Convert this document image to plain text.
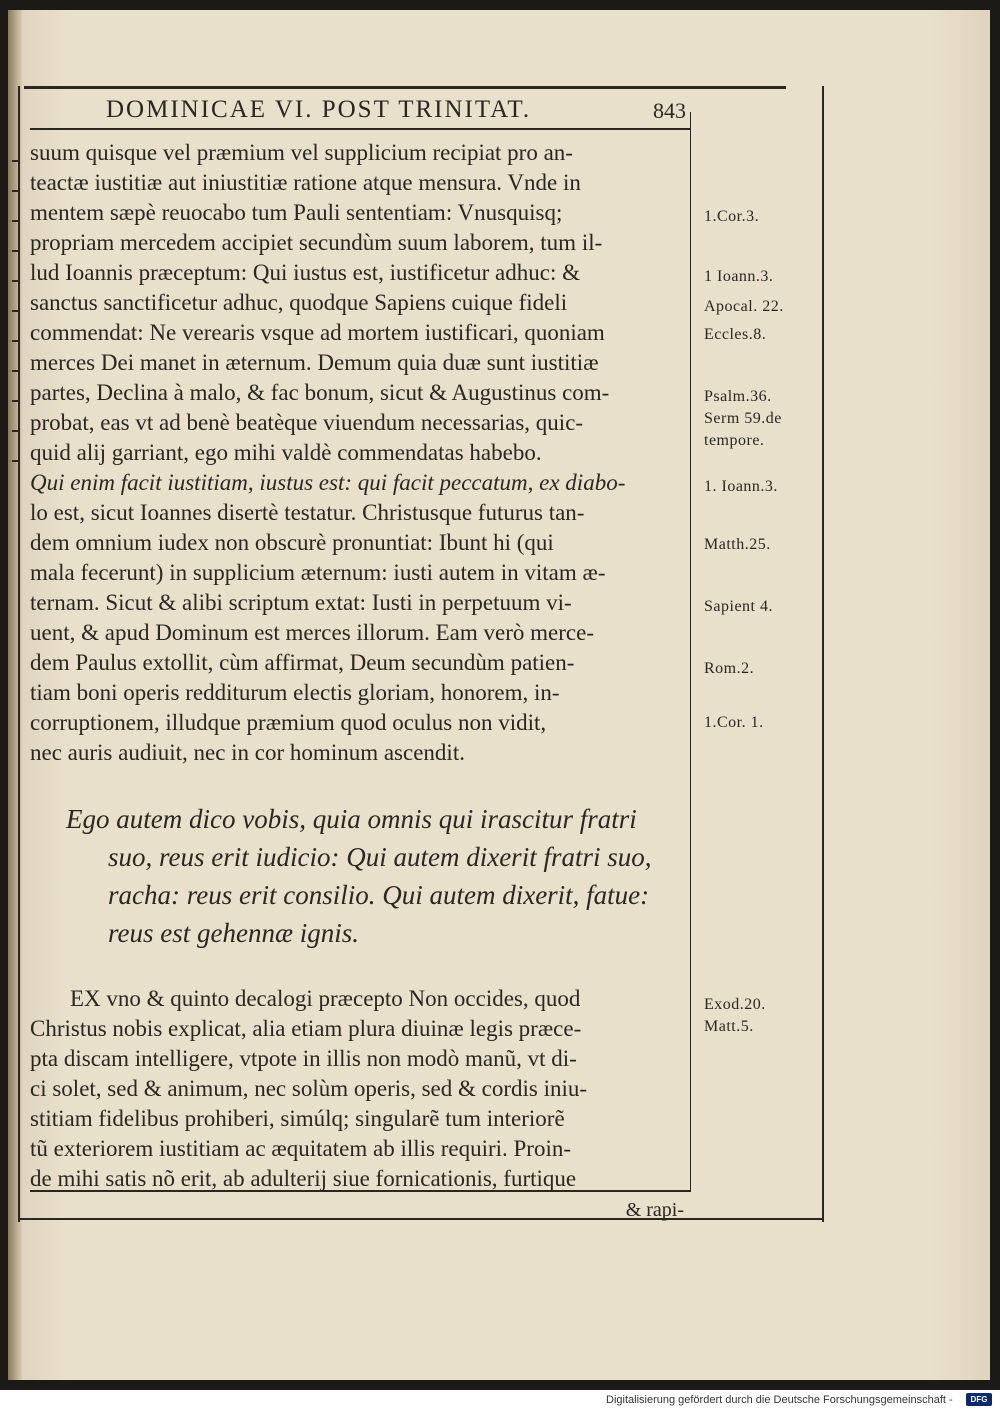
DOMINICAE VI. POST TRINITAT.	843
suum quisque vel præmium vel supplicium recipiat pro an-
teactæ iustitiæ aut iniustitiæ ratione atque mensura. Vnde in
mentem sæpè reuocabo tum Pauli sententiam: Vnusquisq;
propriam mercedem accipiet secundùm suum laborem, tum il-
lud Ioannis præceptum: Qui iustus est, iustificetur adhuc: &
sanctus sanctificetur adhuc, quodque Sapiens cuique fideli
commendat: Ne verearis vsque ad mortem iustificari, quoniam
merces Dei manet in æternum. Demum quia duæ sunt iustitiæ
partes, Declina à malo, & fac bonum, sicut & Augustinus com-
probat, eas vt ad benè beatèque viuendum necessarias, quic-
quid alij garriant, ego mihi valdè commendatas habebo.
Qui enim facit iustitiam, iustus est: qui facit peccatum, ex diabo-
lo est, sicut Ioannes disertè testatur. Christusque futurus tan-
dem omnium iudex non obscurè pronuntiat: Ibunt hi (qui
mala fecerunt) in supplicium æternum: iusti autem in vitam æ-
ternam. Sicut & alibi scriptum extat: Iusti in perpetuum vi-
uent, & apud Dominum est merces illorum. Eam verò merce-
dem Paulus extollit, cùm affirmat, Deum secundùm patien-
tiam boni operis redditurum electis gloriam, honorem, in-
corruptionem, illudque præmium quod oculus non vidit,
nec auris audiuit, nec in cor hominum ascendit.
Ego autem dico vobis, quia omnis qui irascitur fratri
suo, reus erit iudicio: Qui autem dixerit fratri suo,
racha: reus erit consilio. Qui autem dixerit, fatue:
reus est gehennæ ignis.
EX vno & quinto decalogi præcepto Non occides, quod
Christus nobis explicat, alia etiam plura diuinæ legis præce-
pta discam intelligere, vtpote in illis non modò manũ, vt di-
ci solet, sed & animum, nec solùm operis, sed & cordis iniu-
stitiam fidelibus prohiberi, simúlq; singularẽ tum interiorẽ
tũ exteriorem iustitiam ac æquitatem ab illis requiri. Proin-
de mihi satis nõ erit, ab adulterij siue fornicationis, furtique
1.Cor.3.
1 Ioann.3.
Apocal. 22.
Eccles.8.
Psalm.36.
Serm 59.de
tempore.
1. Ioann.3.
Matth.25.
Sapient 4.
Rom.2.
1.Cor. 1.
Exod.20.
Matt.5.
& rapi-
Digitalisierung gefördert durch die Deutsche Forschungsgemeinschaft -	DFG
